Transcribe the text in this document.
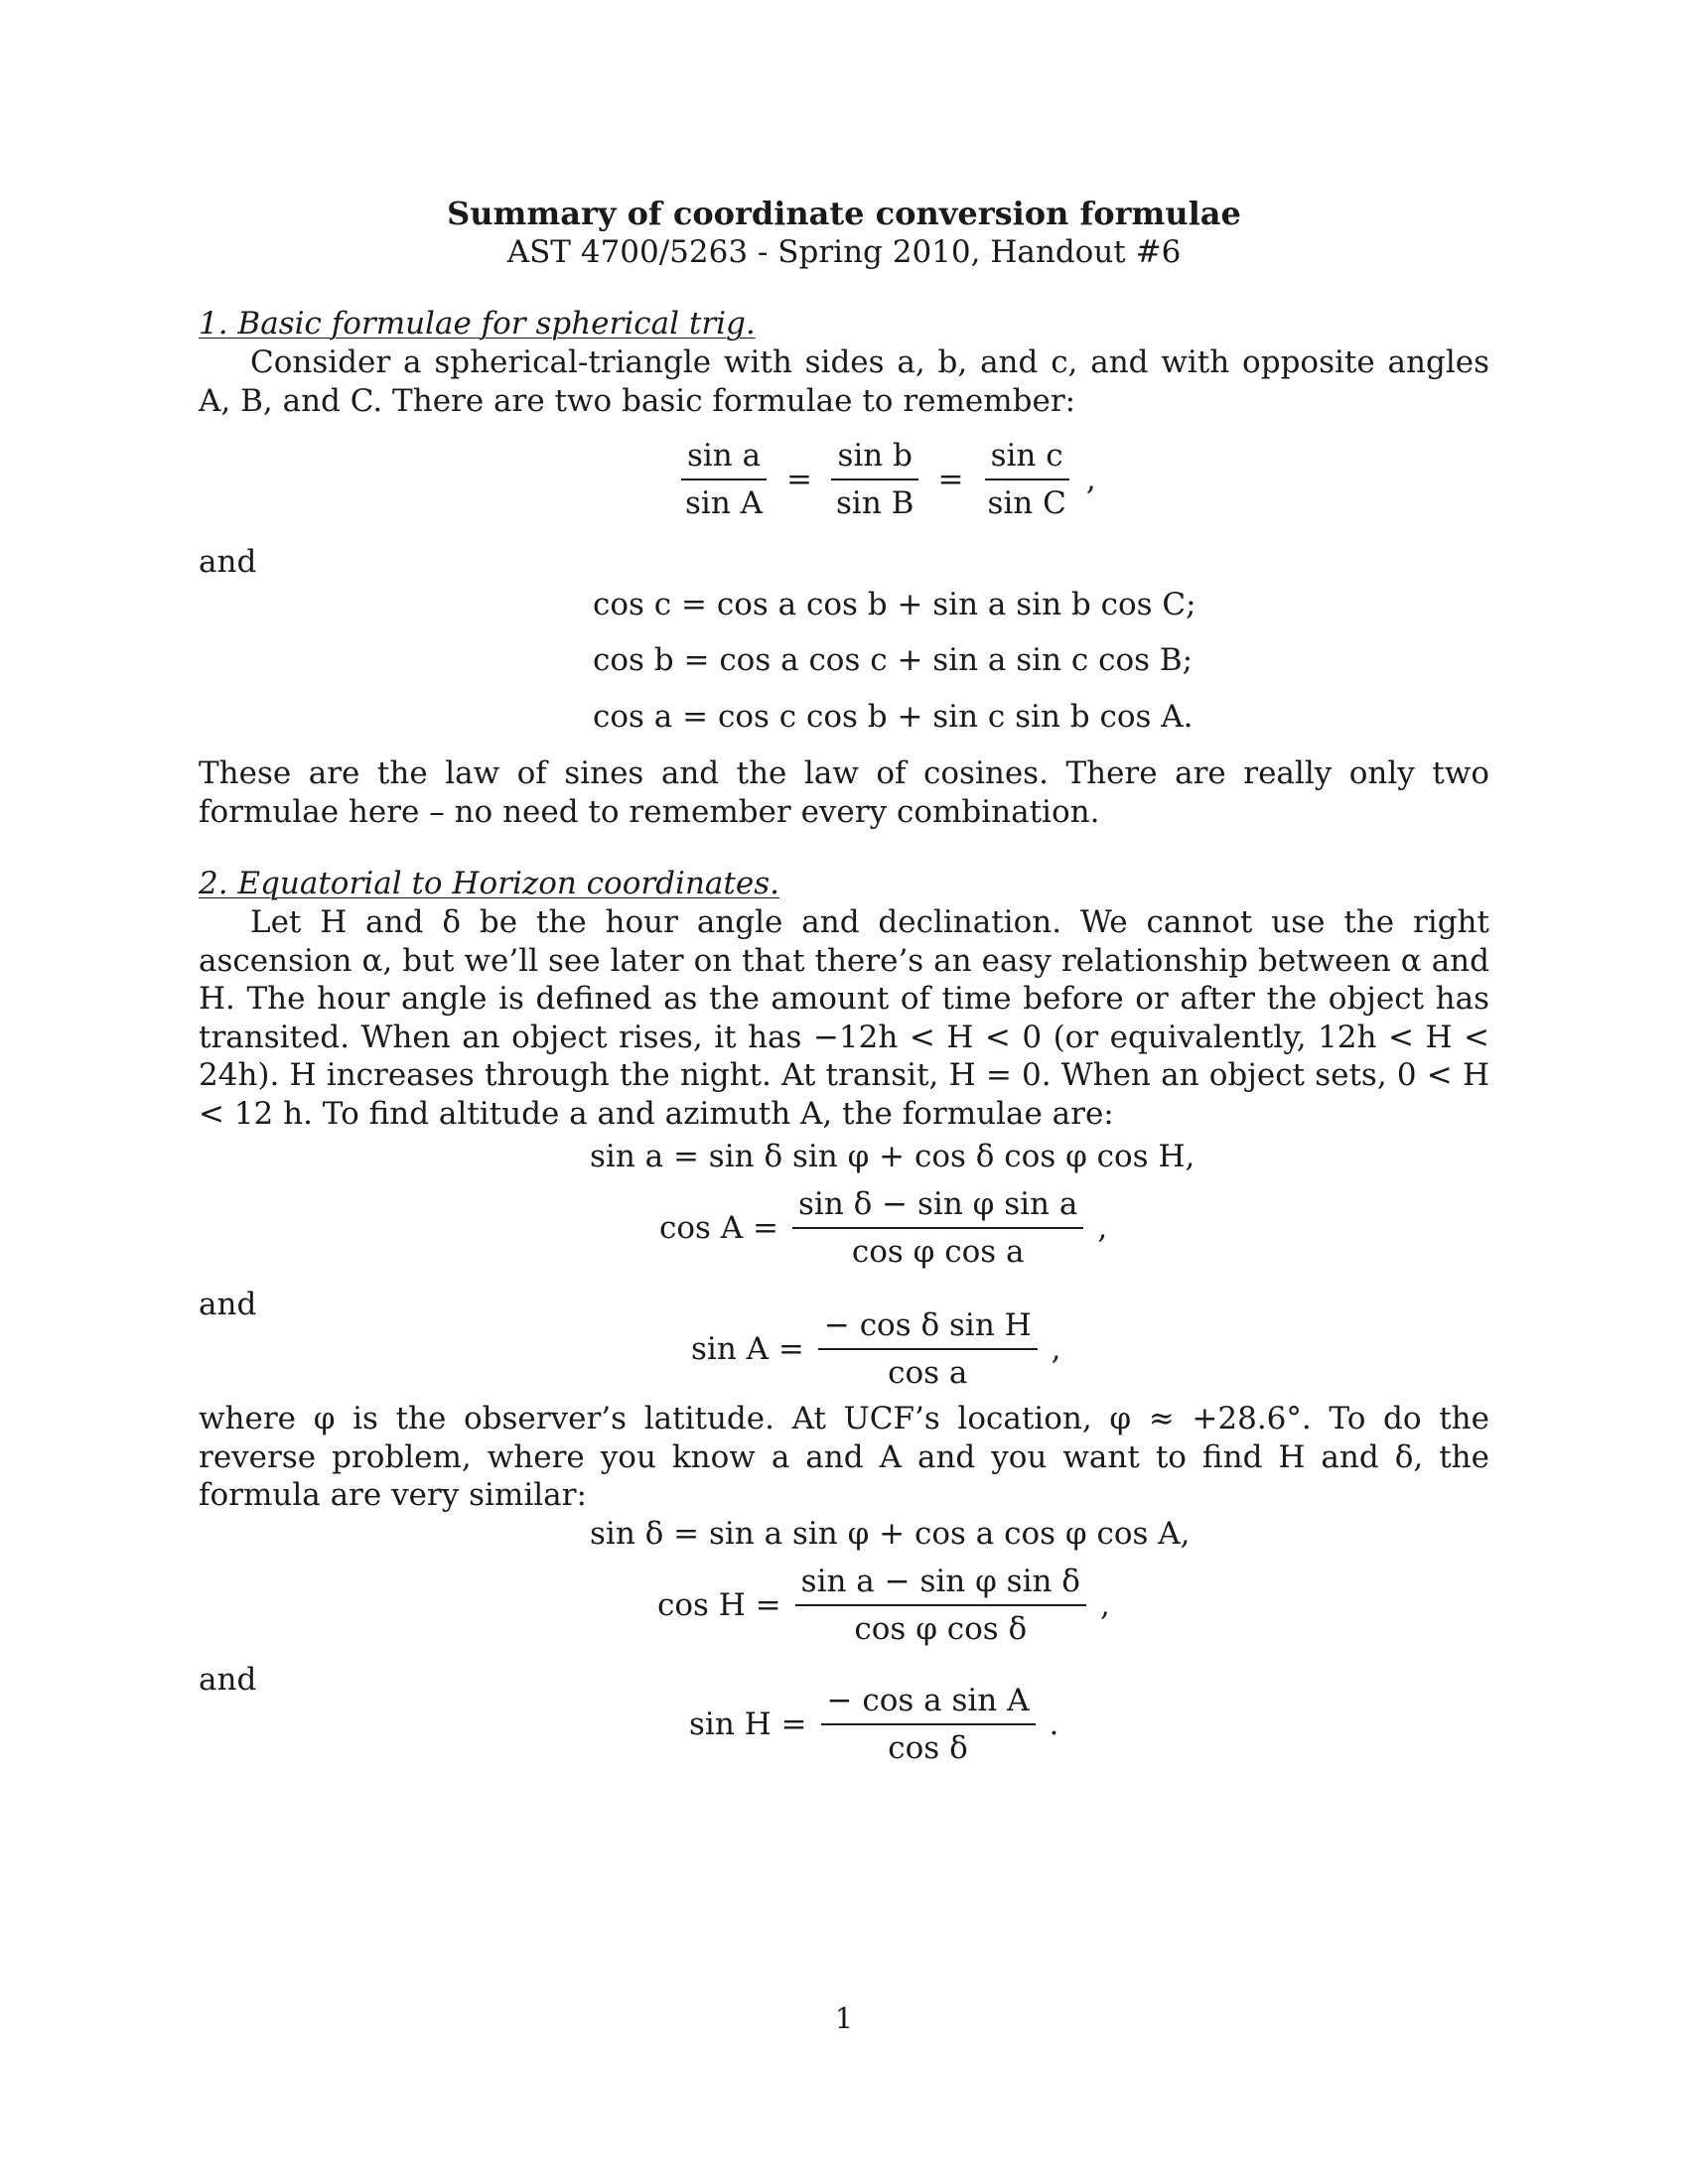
Summary of coordinate conversion formulae
AST 4700/5263 - Spring 2010, Handout #6
1. Basic formulae for spherical trig.
Consider a spherical-triangle with sides a, b, and c, and with opposite angles A, B, and C. There are two basic formulae to remember:
$\frac{\text{sin a}}{\text{sin A}} = \frac{\text{sin b}}{\text{sin B}} = \frac{\text{sin c}}{\text{sin C}}$ ,
and
cos c = cos a cos b + sin a sin b cos C;
cos b = cos a cos c + sin a sin c cos B;
cos a = cos c cos b + sin c sin b cos A.
These are the law of sines and the law of cosines. There are really only two formulae here – no need to remember every combination.
2. Equatorial to Horizon coordinates.
Let H and δ be the hour angle and declination. We cannot use the right ascension α, but we’ll see later on that there’s an easy relationship between α and H. The hour angle is defined as the amount of time before or after the object has transited. When an object rises, it has −12h < H < 0 (or equivalently, 12h < H < 24h). H increases through the night. At transit, H = 0. When an object sets, 0 < H < 12 h. To find altitude a and azimuth A, the formulae are:
sin a = sin δ sin φ + cos δ cos φ cos H,
$\cos A = \frac{\text{sin δ − sin φ sin a}}{\text{cos φ cos a}}$ ,
and
$\sin A = \frac{\text{− cos δ sin H}}{\text{cos a}}$ ,
where φ is the observer’s latitude. At UCF’s location, φ ≈ +28.6°. To do the reverse problem, where you know a and A and you want to find H and δ, the formula are very similar:
sin δ = sin a sin φ + cos a cos φ cos A,
$\cos H = \frac{\text{sin a − sin φ sin δ}}{\text{cos φ cos δ}}$ ,
and
$\sin H = \frac{\text{− cos a sin A}}{\text{cos δ}}$ .
1
